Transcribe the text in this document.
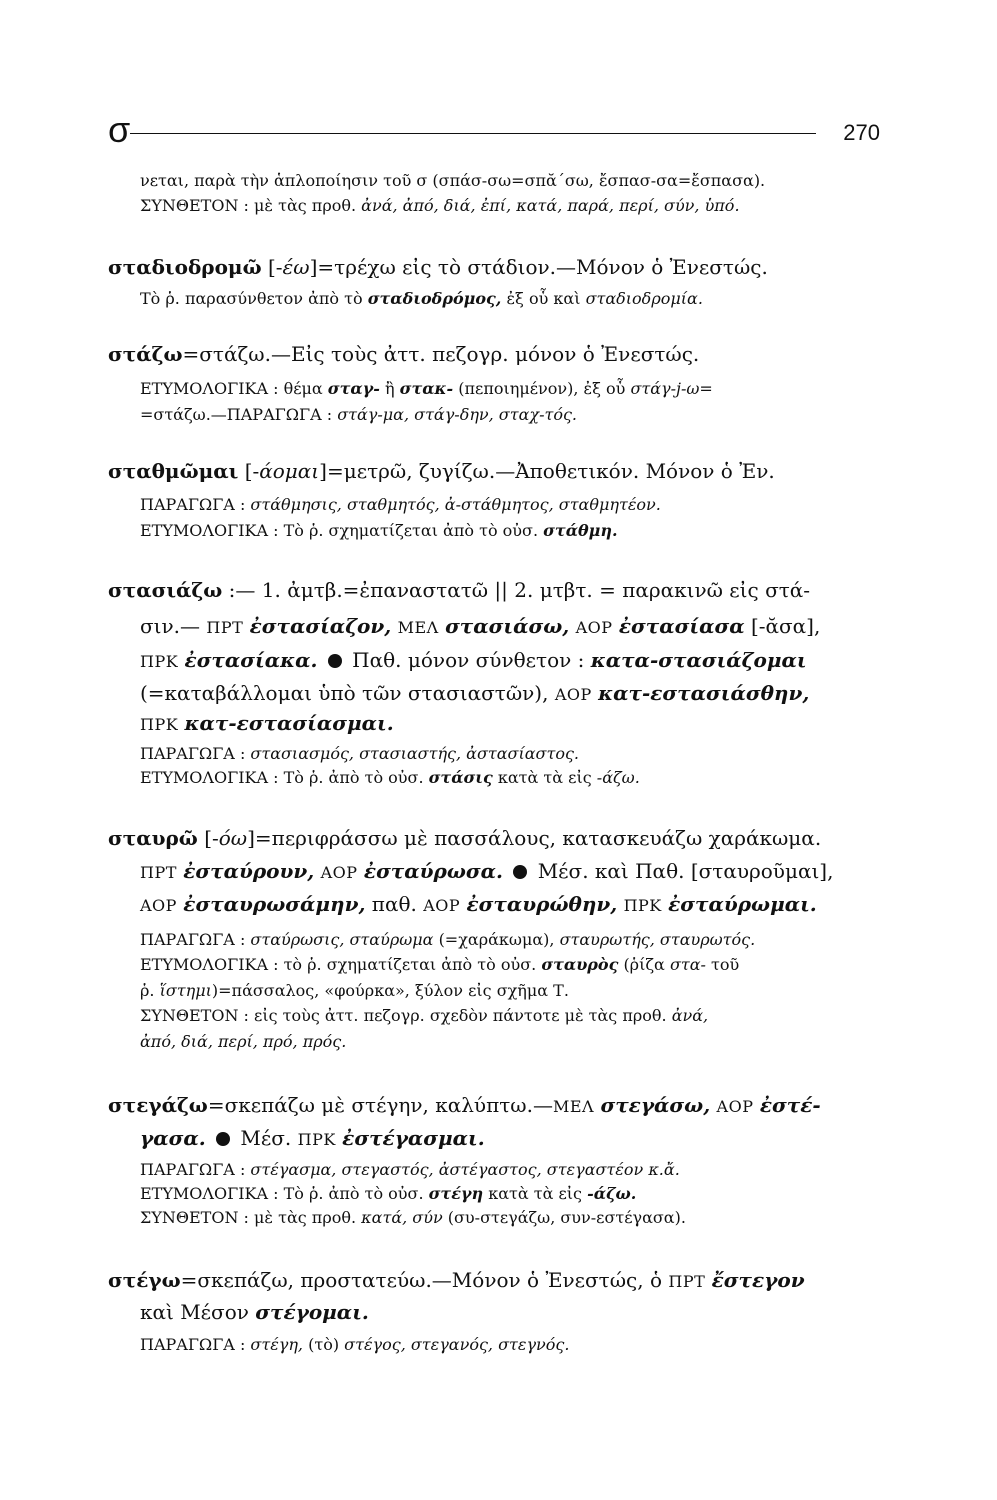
σ	270
νεται, παρὰ τὴν ἁπλοποίησιν τοῦ σ (σπάσ-σω=σπᾰ΄σω, ἔσπασ-σα=ἔσπασα).
ΣΥΝΘΕΤΟΝ : μὲ τὰς προθ. ἀνά, ἀπό, διά, ἐπί, κατά, παρά, περί, σύν, ὑπό.
σταδιοδρομῶ [-έω]=τρέχω εἰς τὸ στάδιον.—Μόνον ὁ Ἐνεστώς.
Τὸ ῥ. παρασύνθετον ἀπὸ τὸ σταδιοδρόμος, ἐξ οὗ καὶ σταδιοδρομία.
στάζω=στάζω.—Εἰς τοὺς ἀττ. πεζογρ. μόνον ὁ Ἐνεστώς.
ΕΤΥΜΟΛΟΓΙΚΑ : θέμα σταγ- ἢ στακ- (πεποιημένον), ἐξ οὗ στάγ-j-ω=
=στάζω.—ΠΑΡΑΓΩΓΑ : στάγ-μα, στάγ-δην, σταχ-τός.
σταθμῶμαι [-άομαι]=μετρῶ, ζυγίζω.—Ἀποθετικόν. Μόνον ὁ Ἐν.
ΠΑΡΑΓΩΓΑ : στάθμησις, σταθμητός, ἀ-στάθμητος, σταθμητέον.
ΕΤΥΜΟΛΟΓΙΚΑ : Τὸ ῥ. σχηματίζεται ἀπὸ τὸ οὐσ. στάθμη.
στασιάζω :— 1. ἀμτβ.=ἐπαναστατῶ || 2. μτβτ. = παρακινῶ εἰς στά-
σιν.— ΠΡΤ ἐστασίαζον, ΜΕΛ στασιάσω, ΑΟΡ ἐστασίασα [-ᾰσα],
ΠΡΚ ἐστασίακα. Παθ. μόνον σύνθετον : κατα-στασιάζομαι
(=καταβάλλομαι ὑπὸ τῶν στασιαστῶν), ΑΟΡ κατ-εστασιάσθην,
ΠΡΚ κατ-εστασίασμαι.
ΠΑΡΑΓΩΓΑ : στασιασμός, στασιαστής, ἀστασίαστος.
ΕΤΥΜΟΛΟΓΙΚΑ : Τὸ ῥ. ἀπὸ τὸ οὐσ. στάσις κατὰ τὰ εἰς -άζω.
σταυρῶ [-όω]=περιφράσσω μὲ πασσάλους, κατασκευάζω χαράκωμα.
ΠΡΤ ἐσταύρουν, ΑΟΡ ἐσταύρωσα. Μέσ. καὶ Παθ. [σταυροῦμαι],
ΑΟΡ ἐσταυρωσάμην, παθ. ΑΟΡ ἐσταυρώθην, ΠΡΚ ἐσταύρωμαι.
ΠΑΡΑΓΩΓΑ : σταύρωσις, σταύρωμα (=χαράκωμα), σταυρωτής, σταυρωτός.
ΕΤΥΜΟΛΟΓΙΚΑ : τὸ ῥ. σχηματίζεται ἀπὸ τὸ οὐσ. σταυρὸς (ῥίζα στα- τοῦ
ῥ. ἵστημι)=πάσσαλος, «φούρκα», ξύλον εἰς σχῆμα Τ.
ΣΥΝΘΕΤΟΝ : εἰς τοὺς ἀττ. πεζογρ. σχεδὸν πάντοτε μὲ τὰς προθ. ἀνά,
ἀπό, διά, περί, πρό, πρός.
στεγάζω=σκεπάζω μὲ στέγην, καλύπτω.—ΜΕΛ στεγάσω, ΑΟΡ ἐστέ-
γασα. Μέσ. ΠΡΚ ἐστέγασμαι.
ΠΑΡΑΓΩΓΑ : στέγασμα, στεγαστός, ἀστέγαστος, στεγαστέον κ.ἄ.
ΕΤΥΜΟΛΟΓΙΚΑ : Τὸ ῥ. ἀπὸ τὸ οὐσ. στέγη κατὰ τὰ εἰς -άζω.
ΣΥΝΘΕΤΟΝ : μὲ τὰς προθ. κατά, σύν (συ-στεγάζω, συν-εστέγασα).
στέγω=σκεπάζω, προστατεύω.—Μόνον ὁ Ἐνεστώς, ὁ ΠΡΤ ἔστεγον
καὶ Μέσον στέγομαι.
ΠΑΡΑΓΩΓΑ : στέγη, (τὸ) στέγος, στεγανός, στεγνός.
